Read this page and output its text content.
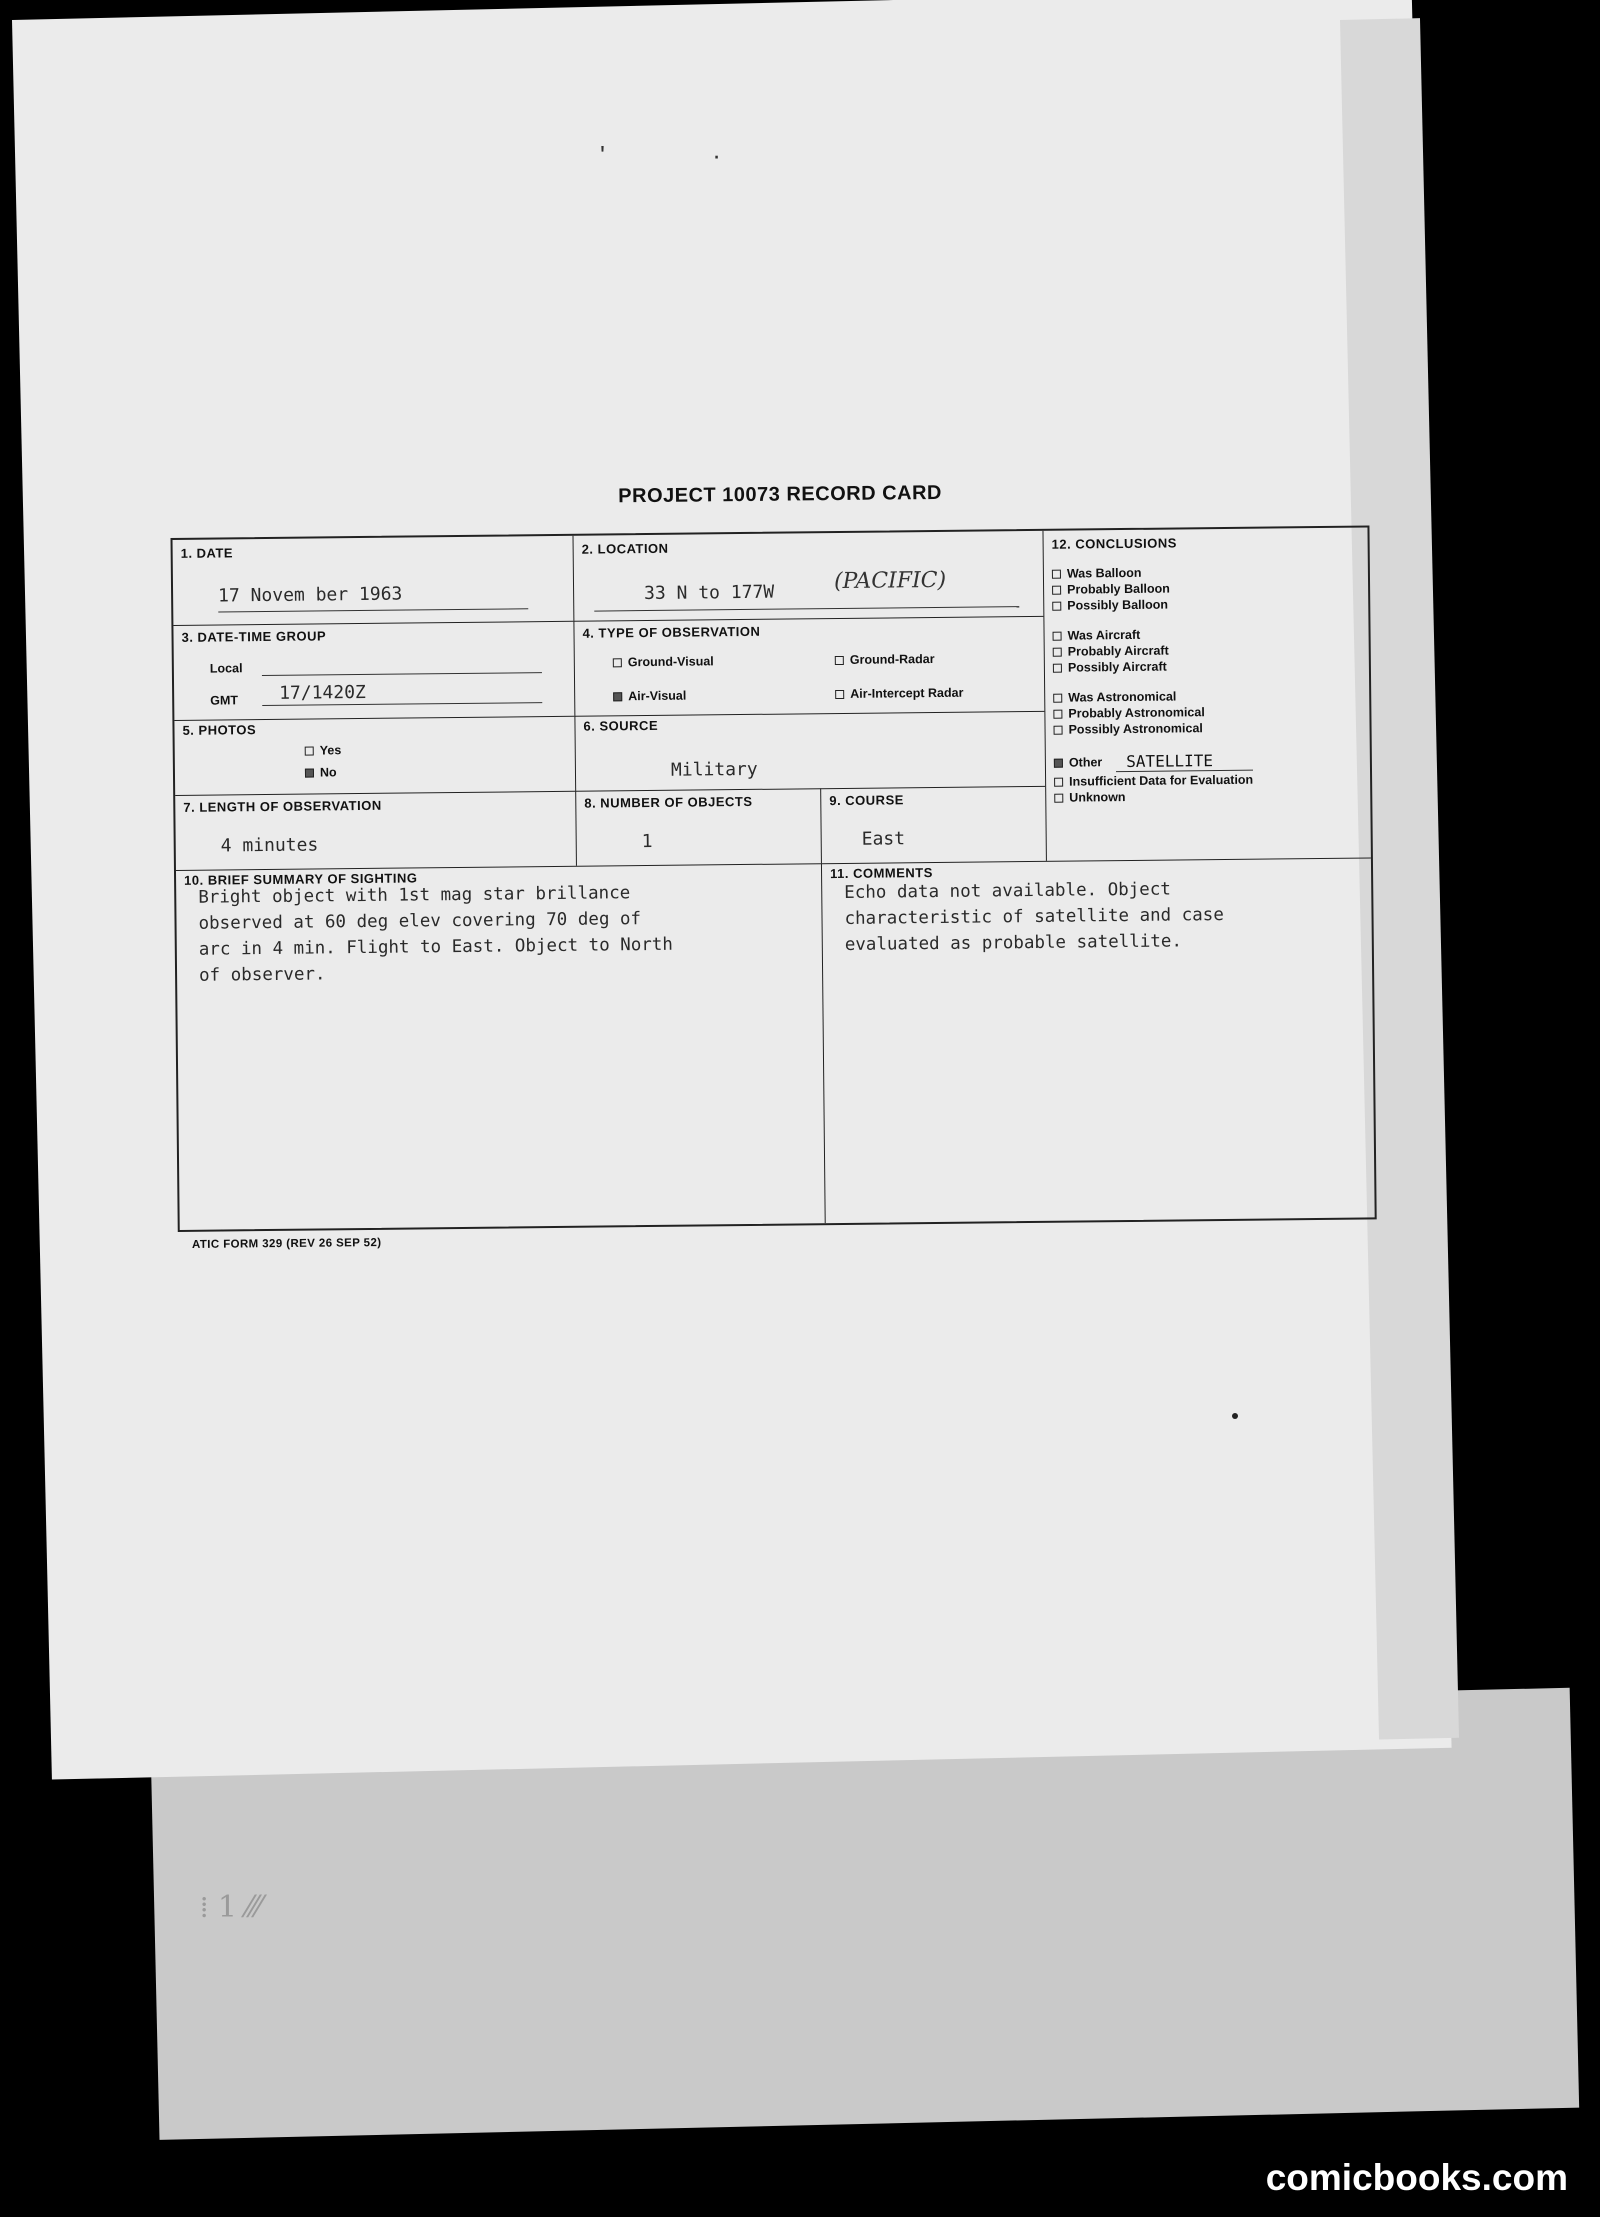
⁞ 1 ⁄⁄⁄
' ·
PROJECT 10073 RECORD CARD
1. DATE
17 Novem ber 1963
2. LOCATION
33 N to 177W	(PACIFIC)
3. DATE-TIME GROUP
Local
GMT 17/1420Z
4. TYPE OF OBSERVATION
Ground-Visual	Ground-Radar
Air-Visual	Air-Intercept Radar
5. PHOTOS
Yes
No
6. SOURCE
Military
7. LENGTH OF OBSERVATION
4 minutes
8. NUMBER OF OBJECTS
1
9. COURSE
East
12. CONCLUSIONS
Was Balloon
Probably Balloon
Possibly Balloon
Was Aircraft
Probably Aircraft
Possibly Aircraft
Was Astronomical
Probably Astronomical
Possibly Astronomical
Other	SATELLITE
Insufficient Data for Evaluation
Unknown
10. BRIEF SUMMARY OF SIGHTING
Bright object with 1st mag star brillance
observed at 60 deg elev covering 70 deg of
arc in 4 min. Flight to East. Object to North
of observer.
11. COMMENTS
Echo data not available. Object
characteristic of satellite and case
evaluated as probable satellite.
ATIC FORM 329 (REV 26 SEP 52)
comicbooks.com
